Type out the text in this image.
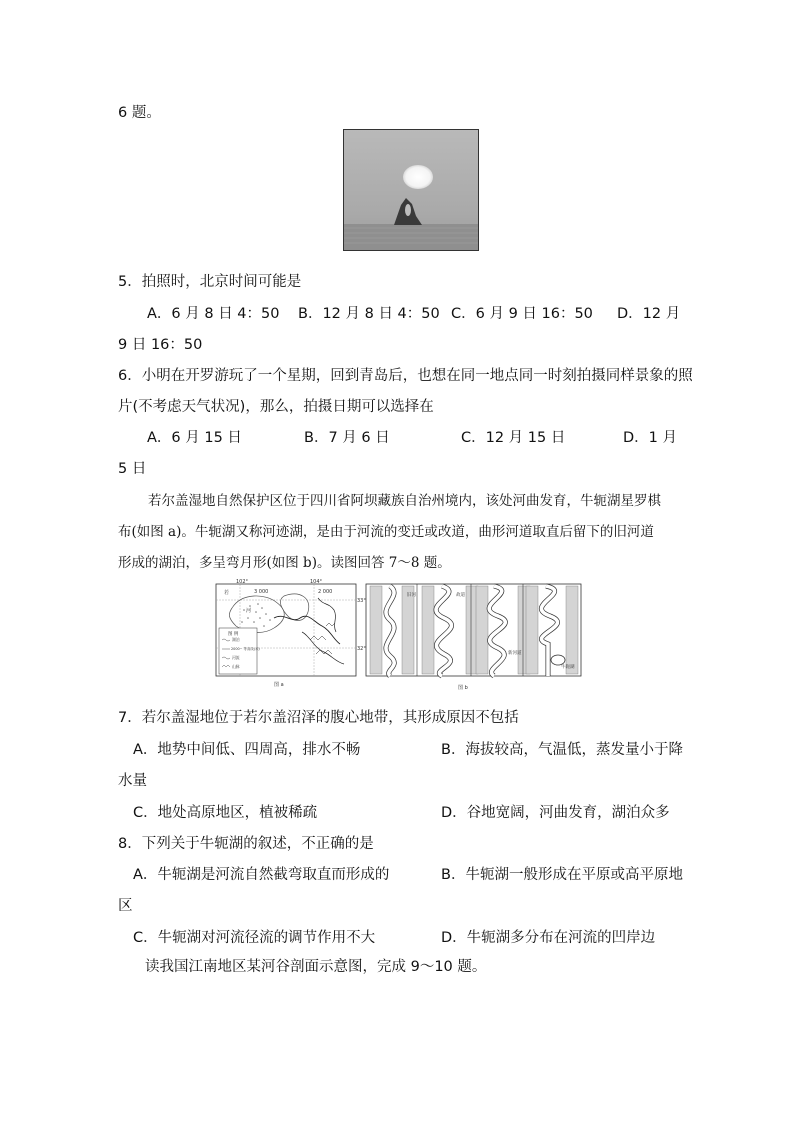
6 题。
5．拍照时，北京时间可能是
A．6 月 8 日 4：50 B．12 月 8 日 4：50 C．6 月 9 日 16：50 D．12 月
9 日 16：50
6．小明在开罗游玩了一个星期，回到青岛后，也想在同一地点同一时刻拍摄同样景象的照
片(不考虑天气状况)，那么，拍摄日期可以选择在
A．6 月 15 日	B．7 月 6 日	C．12 月 15 日	D．1 月
5 日
若尔盖湿地自然保护区位于四川省阿坝藏族自治州境内，该处河曲发育，牛轭湖星罗棋
布(如图 a)。牛轭湖又称河迹湖，是由于河流的变迁或改道，曲形河道取直后留下的旧河道
形成的湖泊，多呈弯月形(如图 b)。读图回答 7～8 题。
102°	104°
33°
32°
3 000	2 000
若
河
图 例
湖泊
2000~ 等高线(米)
河流
山脉
图 a
旧河	故道
新河道
牛轭湖
图 b
7．若尔盖湿地位于若尔盖沼泽的腹心地带，其形成原因不包括
A．地势中间低、四周高，排水不畅	B．海拔较高，气温低，蒸发量小于降
水量
C．地处高原地区，植被稀疏	D．谷地宽阔，河曲发育，湖泊众多
8．下列关于牛轭湖的叙述，不正确的是
A．牛轭湖是河流自然截弯取直而形成的	B．牛轭湖一般形成在平原或高平原地
区
C．牛轭湖对河流径流的调节作用不大	D．牛轭湖多分布在河流的凹岸边
读我国江南地区某河谷剖面示意图，完成 9～10 题。
